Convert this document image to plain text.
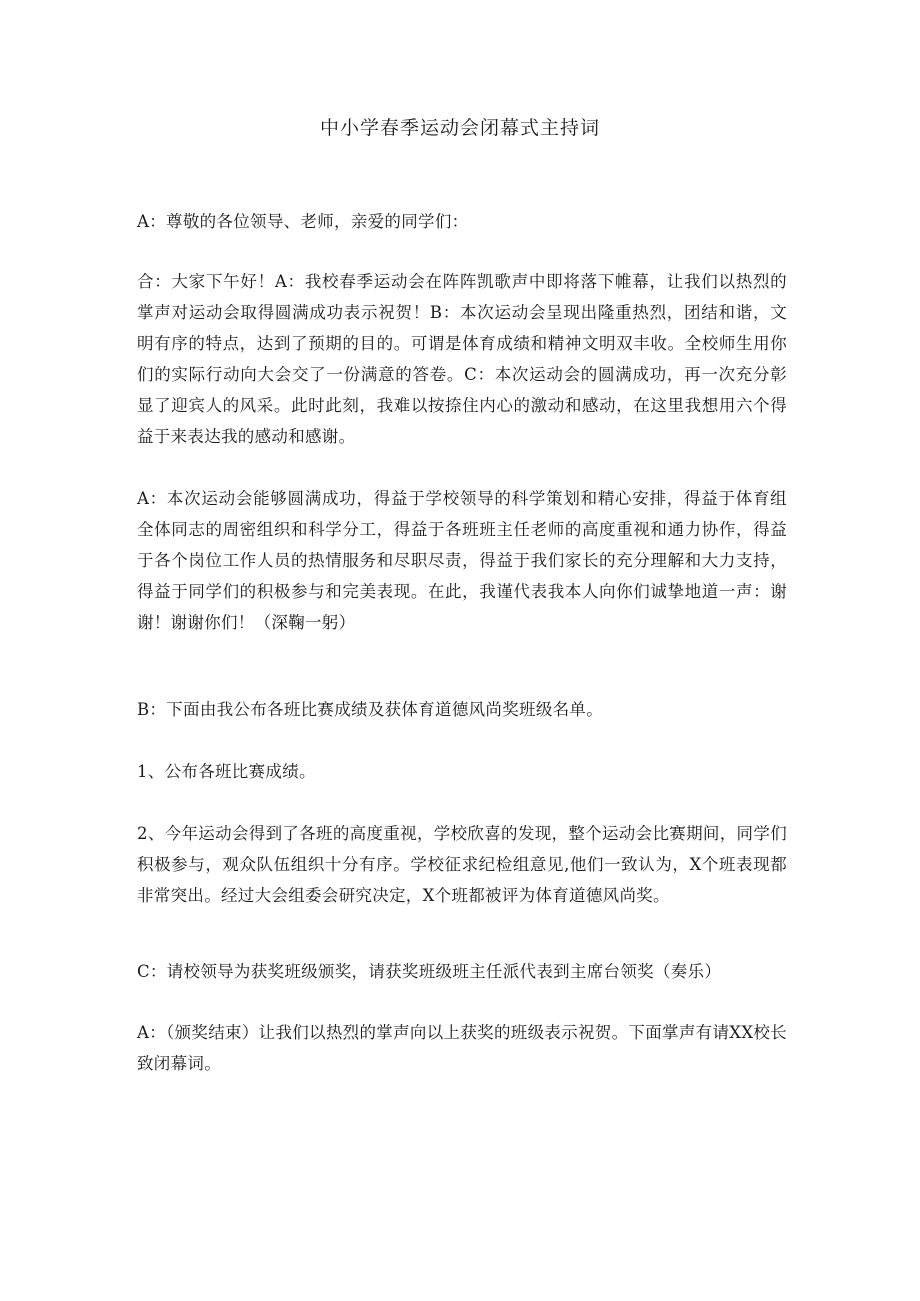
中小学春季运动会闭幕式主持词

A：尊敬的各位领导、老师，亲爱的同学们：

合：大家下午好！A：我校春季运动会在阵阵凯歌声中即将落下帷幕，让我们以热烈的掌声对运动会取得圆满成功表示祝贺！B：本次运动会呈现出隆重热烈，团结和谐，文明有序的特点，达到了预期的目的。可谓是体育成绩和精神文明双丰收。全校师生用你们的实际行动向大会交了一份满意的答卷。C：本次运动会的圆满成功，再一次充分彰显了迎宾人的风采。此时此刻，我难以按捺住内心的激动和感动，在这里我想用六个得益于来表达我的感动和感谢。

A：本次运动会能够圆满成功，得益于学校领导的科学策划和精心安排，得益于体育组全体同志的周密组织和科学分工，得益于各班班主任老师的高度重视和通力协作，得益于各个岗位工作人员的热情服务和尽职尽责，得益于我们家长的充分理解和大力支持，得益于同学们的积极参与和完美表现。在此，我谨代表我本人向你们诚挚地道一声：谢谢！谢谢你们！（深鞠一躬）

B：下面由我公布各班比赛成绩及获体育道德风尚奖班级名单。

1、公布各班比赛成绩。

2、今年运动会得到了各班的高度重视，学校欣喜的发现，整个运动会比赛期间，同学们积极参与，观众队伍组织十分有序。学校征求纪检组意见,他们一致认为，X个班表现都非常突出。经过大会组委会研究决定，X个班都被评为体育道德风尚奖。

C：请校领导为获奖班级颁奖，请获奖班级班主任派代表到主席台领奖（奏乐）

A：（颁奖结束）让我们以热烈的掌声向以上获奖的班级表示祝贺。下面掌声有请XX校长致闭幕词。
